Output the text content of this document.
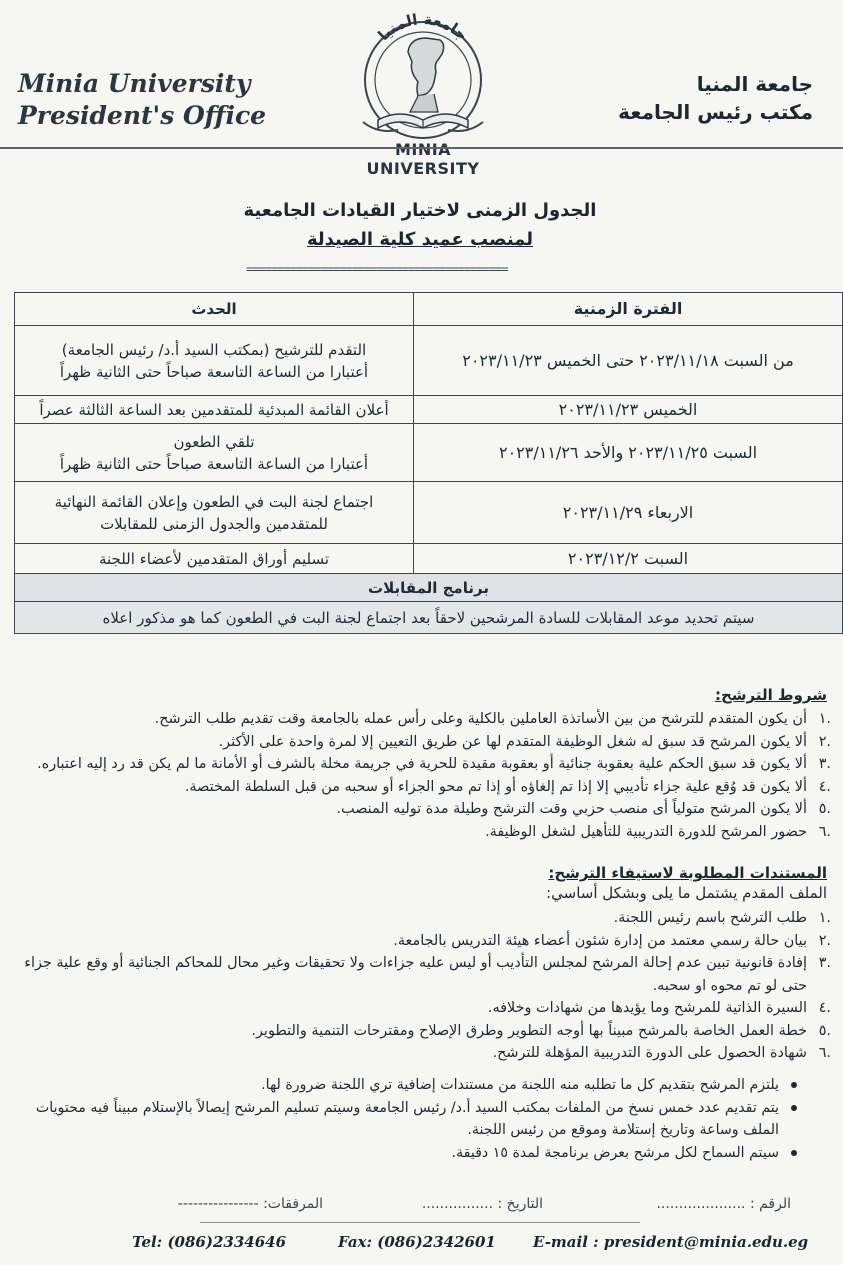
Minia University
President's Office
جامعة المنيا
مكتب رئيس الجامعة
جامعة المنيا
MINIA UNIVERSITY
الجدول الزمنى لاختيار القيادات الجامعية
لمنصب عميد كلية الصيدلة
==========================================
الفترة الزمنية	الحدث
من السبت ٢٠٢٣/١١/١٨ حتى الخميس ٢٠٢٣/١١/٢٣	التقدم للترشيح (بمكتب السيد أ.د/ رئيس الجامعة)
أعتبارا من الساعة التاسعة صباحاً حتى الثانية ظهراً

الخميس ٢٠٢٣/١١/٢٣	أعلان القائمة المبدئية للمتقدمين بعد الساعة الثالثة عصراً

السبت ٢٠٢٣/١١/٢٥ والأحد ٢٠٢٣/١١/٢٦	تلقي الطعون
أعتبارا من الساعة التاسعة صباحاً حتى الثانية ظهراً

الاربعاء ٢٠٢٣/١١/٢٩	اجتماع لجنة البت في الطعون وإعلان القائمة النهائية
للمتقدمين والجدول الزمنى للمقابلات

السبت ٢٠٢٣/١٢/٢	تسليم أوراق المتقدمين لأعضاء اللجنة

برنامج المقابلات	
سيتم تحديد موعد المقابلات للسادة المرشحين لاحقاً بعد اجتماع لجنة البت في الطعون كما هو مذكور اعلاه	
شروط الترشح:
.١
أن يكون المتقدم للترشح من بين الأساتذة العاملين بالكلية وعلى رأس عمله بالجامعة وقت تقديم طلب الترشح.
.٢
ألا يكون المرشح قد سبق له شغل الوظيفة المتقدم لها عن طريق التعيين إلا لمرة واحدة على الأكثر.
.٣
ألا يكون قد سبق الحكم علية بعقوبة جنائية أو بعقوبة مقيدة للحرية في جريمة مخلة بالشرف أو الأمانة ما لم يكن قد رد إليه اعتباره.
.٤
ألا يكون قد وُقع علية جزاء تأديبي إلا إذا تم إلغاؤه أو إذا تم محو الجزاء أو سحبه من قبل السلطة المختصة.
.٥
ألا يكون المرشح متولياً أى منصب حزبي وقت الترشح وطيلة مدة توليه المنصب.
.٦
حضور المرشح للدورة التدريبية للتأهيل لشغل الوظيفة.
المستندات المطلوبة لاستيفاء الترشح:
الملف المقدم يشتمل ما يلى وبشكل أساسي:
.١
طلب الترشح باسم رئيس اللجنة.
.٢
بيان حالة رسمي معتمد من إدارة شئون أعضاء هيئة التدريس بالجامعة.
.٣
إفادة قانونية تبين عدم إحالة المرشح لمجلس التأديب أو ليس عليه جزاءات ولا تحقيقات وغير محال للمحاكم الجنائية أو وقع علية جزاء حتى لو تم محوه او سحبه.
.٤
السيرة الذاتية للمرشح وما يؤيدها من شهادات وخلافه.
.٥
خطة العمل الخاصة بالمرشح مبيناً بها أوجه التطوير وطرق الإصلاح ومقترحات التنمية والتطوير.
.٦
شهادة الحصول على الدورة التدريبية المؤهلة للترشح.
يلتزم المرشح بتقديم كل ما تطلبه منه اللجنة من مستندات إضافية تري اللجنة ضرورة لها.
يتم تقديم عدد خمس نسخ من الملفات بمكتب السيد أ.د/ رئيس الجامعة وسيتم تسليم المرشح إيصالاً بالإستلام مبيناً فيه محتويات الملف وساعة وتاريخ إستلامة وموقع من رئيس اللجنة.
سيتم السماح لكل مرشح بعرض برنامجة لمدة ١٥ دقيقة.
الرقم : ....................
التاريخ : ................
المرفقات: ----------------
Tel: (086)2334646	Fax: (086)2342601 E-mail : president@minia.edu.eg
